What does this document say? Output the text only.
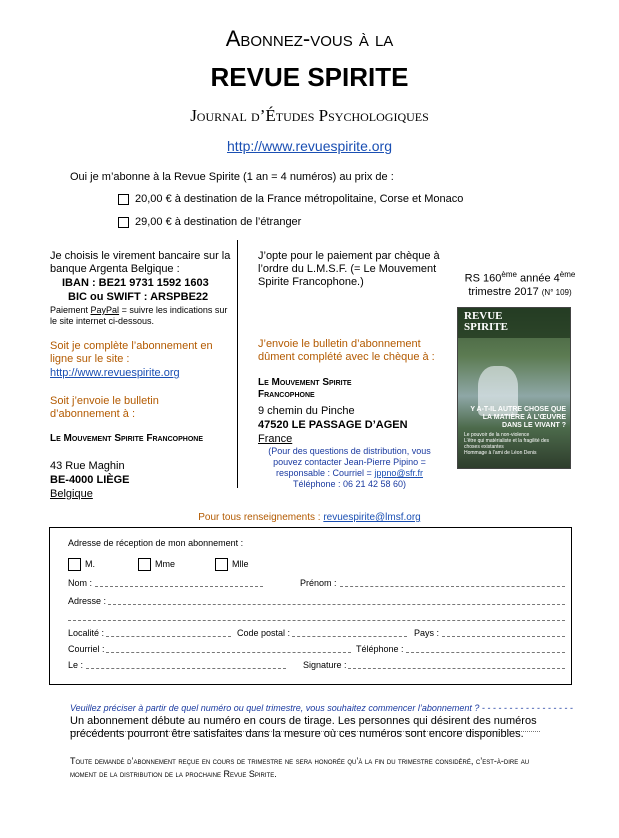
Abonnez-vous à la
REVUE SPIRITE
Journal d’Études Psychologiques
http://www.revuespirite.org
Oui je m’abonne à la Revue Spirite (1 an = 4 numéros) au prix de :
20,00 € à destination de la France métropolitaine, Corse et Monaco
29,00 € à destination de l’étranger
Je choisis le virement bancaire sur la banque Argenta Belgique :
IBAN : BE21 9731 1592 1603
BIC ou SWIFT : ARSPBE22
Paiement PayPal = suivre les indications sur le site internet ci-dessous.
Soit je complète l’abonnement en ligne sur le site :
http://www.revuespirite.org
Soit j’envoie le bulletin d’abonnement à :
Le Mouvement Spirite Francophone
43 Rue Maghin
BE-4000 LIÈGE
Belgique
J’opte pour le paiement par chèque à l’ordre du L.M.S.F. (= Le Mouvement Spirite Francophone.)
J’envoie le bulletin d’abonnement dûment complété avec le chèque à :
Le Mouvement Spirite Francophone
9 chemin du Pinche
47520 LE PASSAGE D’AGEN
France
(Pour des questions de distribution, vous pouvez contacter Jean-Pierre Pipino = responsable : Courriel = jppno@sfr.fr Téléphone : 06 21 42 58 60)
RS 160ème année 4ème
trimestre 2017 (N° 109)
REVUE
SPIRITE
Y A-T-IL AUTRE CHOSE QUE LA MATIÈRE À L’ŒUVRE DANS LE VIVANT ?
Le pouvoir de la non-violence
L’être qui matérialiste et la fragilité des choses existantes
Hommage à l’ami de Léon Denis
Pour tous renseignements : revuespirite@lmsf.org
Adresse de réception de mon abonnement :
M.	Mme	Mlle
Nom :	Prénom :
Adresse :
Localité :	Code postal :	Pays :
Courriel :	Téléphone :
Le :	Signature :
Veuillez préciser à partir de quel numéro ou quel trimestre, vous souhaitez commencer l’abonnement ? - - - - - - - - - - - - - - - - -
Un abonnement débute au numéro en cours de tirage. Les personnes qui désirent des numéros précédents pourront être satisfaites dans la mesure où ces numéros sont encore disponibles.
Toute demande d’abonnement reçue en cours de trimestre ne sera honorée qu’à la fin du trimestre considéré, c’est-à-dire au moment de la distribution de la prochaine Revue Spirite.
